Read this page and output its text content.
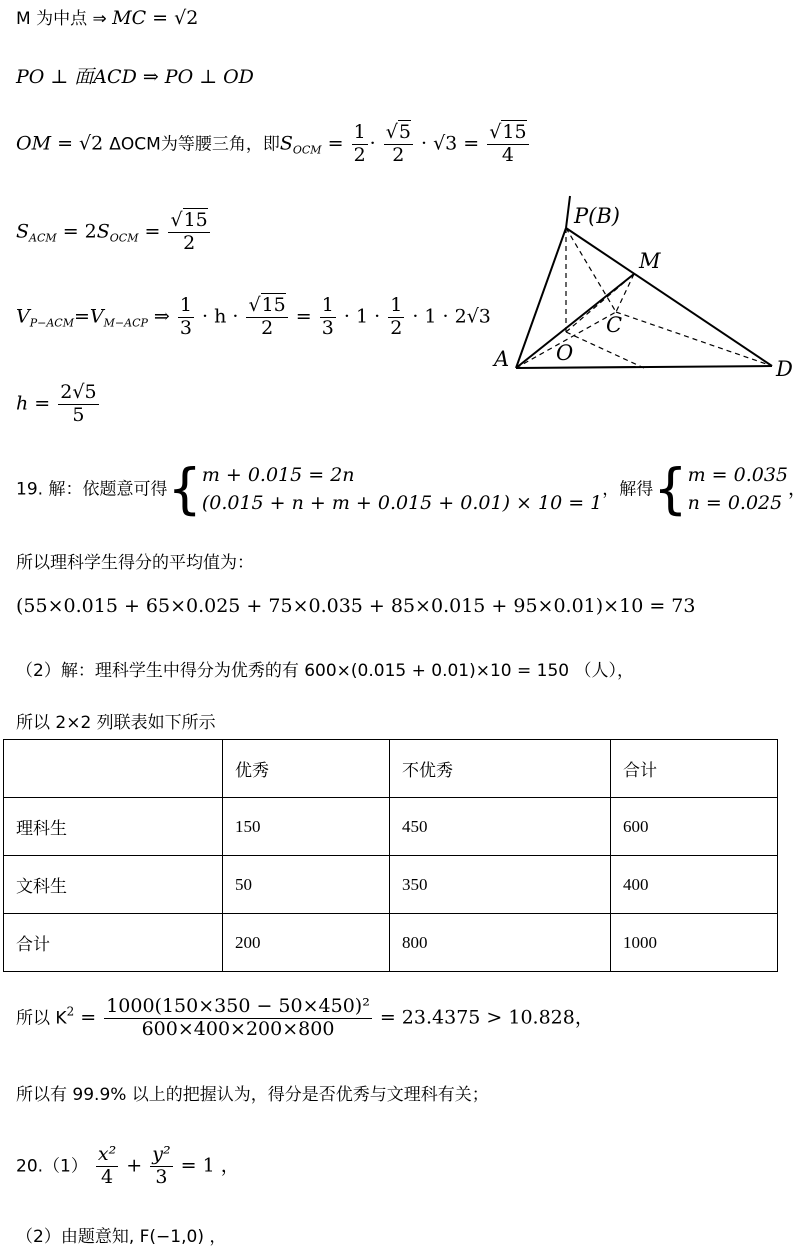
M 为中点 ⇒ MC = √2
PO ⊥ 面ACD ⇒ PO ⊥ OD
OM = √2 ΔOCM为等腰三角，即$S_{OCM} = \frac{1}{2} \cdot \frac{√5}{2} \cdot √3 = \frac{√15}{4}$
$S_{ACM} = 2S_{OCM} = \frac{√15}{2}$
$V_{P-ACM}=V_{M-ACP}$ ⇒ $\frac{1}{3} \cdot h \cdot \frac{√15}{2} = \frac{1}{3} \cdot 1 \cdot \frac{1}{2} \cdot 1 \cdot 2√3$
$h = \frac{2√5}{5}$
P(B)
M
C
O
A	D
19. 解：依题意可得{m + 0.015 = 2n
(0.015 + n + m + 0.015 + 0.01) × 10 = 1，解得{m = 0.035
n = 0.025，
所以理科学生得分的平均值为：
(55×0.015 + 65×0.025 + 75×0.035 + 85×0.015 + 95×0.01)×10 = 73
（2）解：理科学生中得分为优秀的有 600×(0.015 + 0.01)×10 = 150 （人），
所以 2×2 列联表如下所示
	优秀	不优秀	合计
理科生	150	450	600
文科生	50	350	400
合计	200	800	1000
所以 $K^2 = \frac{\text{1000(150×350 − 50×450)²}}{600\times 400\times 200\times 800} = 23.4375 > 10.828$，
所以有 99.9% 以上的把握认为，得分是否优秀与文理科有关；
$20.(1) \frac{\text{x²}}{4} + \frac{\text{y²}}{3} = 1$ ，
（2）由题意知, F(−1,0) ，
